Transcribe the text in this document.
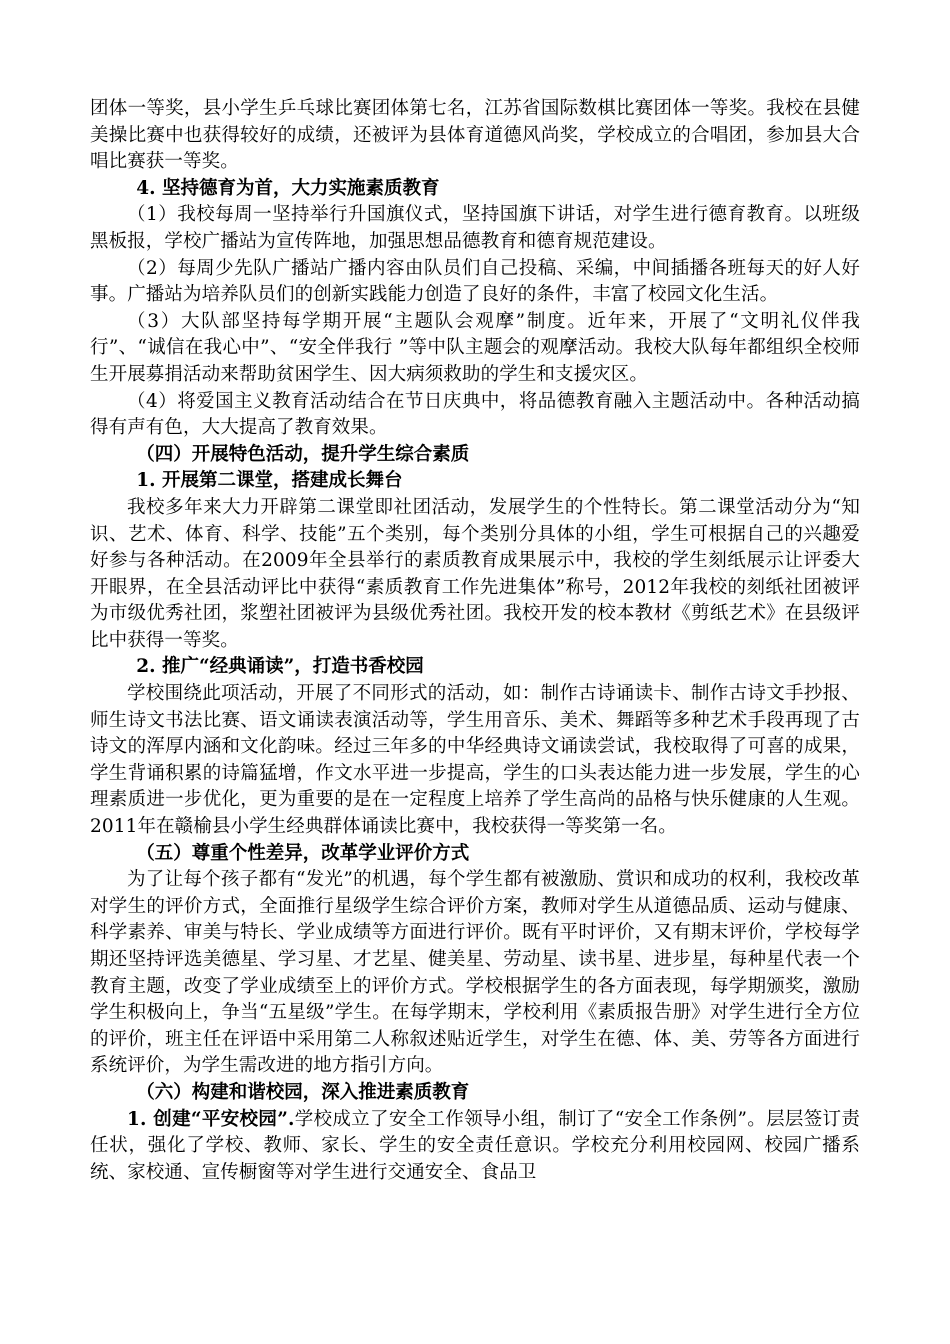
团体一等奖，县小学生乒乓球比赛团体第七名，江苏省国际数棋比赛团体一等奖。我校在县健美操比赛中也获得较好的成绩，还被评为县体育道德风尚奖，学校成立的合唱团，参加县大合唱比赛获一等奖。

4. 坚持德育为首，大力实施素质教育

（1）我校每周一坚持举行升国旗仪式，坚持国旗下讲话，对学生进行德育教育。以班级黑板报，学校广播站为宣传阵地，加强思想品德教育和德育规范建设。

（2）每周少先队广播站广播内容由队员们自己投稿、采编，中间插播各班每天的好人好事。广播站为培养队员们的创新实践能力创造了良好的条件，丰富了校园文化生活。

（3）大队部坚持每学期开展“主题队会观摩”制度。近年来，开展了“文明礼仪伴我行”、“诚信在我心中”、“安全伴我行 ”等中队主题会的观摩活动。我校大队每年都组织全校师生开展募捐活动来帮助贫困学生、因大病须救助的学生和支援灾区。

（4）将爱国主义教育活动结合在节日庆典中，将品德教育融入主题活动中。各种活动搞得有声有色，大大提高了教育效果。

（四）开展特色活动，提升学生综合素质

1. 开展第二课堂，搭建成长舞台

我校多年来大力开辟第二课堂即社团活动，发展学生的个性特长。第二课堂活动分为“知识、艺术、体育、科学、技能”五个类别，每个类别分具体的小组，学生可根据自己的兴趣爱好参与各种活动。在2009年全县举行的素质教育成果展示中，我校的学生刻纸展示让评委大开眼界，在全县活动评比中获得“素质教育工作先进集体”称号，2012年我校的刻纸社团被评为市级优秀社团，浆塑社团被评为县级优秀社团。我校开发的校本教材《剪纸艺术》在县级评比中获得一等奖。

2. 推广“经典诵读”，打造书香校园

学校围绕此项活动，开展了不同形式的活动，如：制作古诗诵读卡、制作古诗文手抄报、师生诗文书法比赛、语文诵读表演活动等，学生用音乐、美术、舞蹈等多种艺术手段再现了古诗文的浑厚内涵和文化韵味。经过三年多的中华经典诗文诵读尝试，我校取得了可喜的成果，学生背诵积累的诗篇猛增，作文水平进一步提高，学生的口头表达能力进一步发展，学生的心理素质进一步优化，更为重要的是在一定程度上培养了学生高尚的品格与快乐健康的人生观。2011年在赣榆县小学生经典群体诵读比赛中，我校获得一等奖第一名。

（五）尊重个性差异，改革学业评价方式

为了让每个孩子都有“发光”的机遇，每个学生都有被激励、赏识和成功的权利，我校改革对学生的评价方式，全面推行星级学生综合评价方案，教师对学生从道德品质、运动与健康、科学素养、审美与特长、学业成绩等方面进行评价。既有平时评价，又有期末评价，学校每学期还坚持评选美德星、学习星、才艺星、健美星、劳动星、读书星、进步星，每种星代表一个教育主题，改变了学业成绩至上的评价方式。学校根据学生的各方面表现，每学期颁奖，激励学生积极向上，争当“五星级”学生。在每学期末，学校利用《素质报告册》对学生进行全方位的评价，班主任在评语中采用第二人称叙述贴近学生，对学生在德、体、美、劳等各方面进行系统评价，为学生需改进的地方指引方向。

（六）构建和谐校园，深入推进素质教育

1. 创建“平安校园”.学校成立了安全工作领导小组，制订了“安全工作条例”。层层签订责任状，强化了学校、教师、家长、学生的安全责任意识。学校充分利用校园网、校园广播系统、家校通、宣传橱窗等对学生进行交通安全、食品卫
